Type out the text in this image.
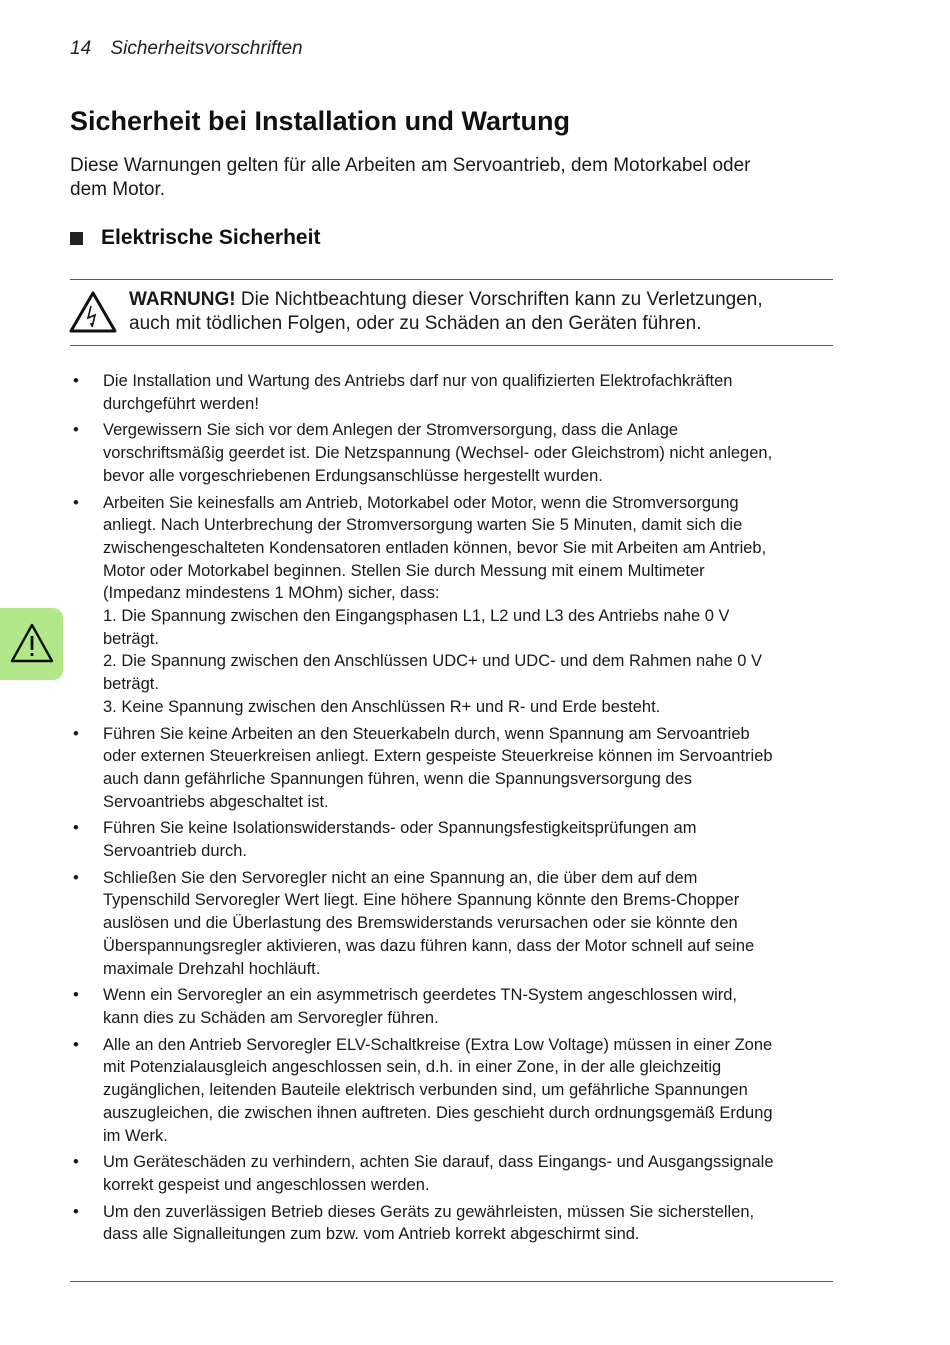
14 Sicherheitsvorschriften
Sicherheit bei Installation und Wartung

Diese Warnungen gelten für alle Arbeiten am Servoantrieb, dem Motorkabel oder
dem Motor.

Elektrische Sicherheit

WARNUNG! Die Nichtbeachtung dieser Vorschriften kann zu Verletzungen,
auch mit tödlichen Folgen, oder zu Schäden an den Geräten führen.

• Die Installation und Wartung des Antriebs darf nur von qualifizierten Elektrofachkräften
durchgeführt werden!
• Vergewissern Sie sich vor dem Anlegen der Stromversorgung, dass die Anlage
vorschriftsmäßig geerdet ist. Die Netzspannung (Wechsel- oder Gleichstrom) nicht anlegen,
bevor alle vorgeschriebenen Erdungsanschlüsse hergestellt wurden.
• Arbeiten Sie keinesfalls am Antrieb, Motorkabel oder Motor, wenn die Stromversorgung
anliegt. Nach Unterbrechung der Stromversorgung warten Sie 5 Minuten, damit sich die
zwischengeschalteten Kondensatoren entladen können, bevor Sie mit Arbeiten am Antrieb,
Motor oder Motorkabel beginnen. Stellen Sie durch Messung mit einem Multimeter
(Impedanz mindestens 1 MOhm) sicher, dass:
1. Die Spannung zwischen den Eingangsphasen L1, L2 und L3 des Antriebs nahe 0 V
beträgt.
2. Die Spannung zwischen den Anschlüssen UDC+ und UDC- und dem Rahmen nahe 0 V
beträgt.
3. Keine Spannung zwischen den Anschlüssen R+ und R- und Erde besteht.
• Führen Sie keine Arbeiten an den Steuerkabeln durch, wenn Spannung am Servoantrieb
oder externen Steuerkreisen anliegt. Extern gespeiste Steuerkreise können im Servoantrieb
auch dann gefährliche Spannungen führen, wenn die Spannungsversorgung des
Servoantriebs abgeschaltet ist.
• Führen Sie keine Isolationswiderstands- oder Spannungsfestigkeitsprüfungen am
Servoantrieb durch.
• Schließen Sie den Servoregler nicht an eine Spannung an, die über dem auf dem
Typenschild Servoregler Wert liegt. Eine höhere Spannung könnte den Brems-Chopper
auslösen und die Überlastung des Bremswiderstands verursachen oder sie könnte den
Überspannungsregler aktivieren, was dazu führen kann, dass der Motor schnell auf seine
maximale Drehzahl hochläuft.
• Wenn ein Servoregler an ein asymmetrisch geerdetes TN-System angeschlossen wird,
kann dies zu Schäden am Servoregler führen.
• Alle an den Antrieb Servoregler ELV-Schaltkreise (Extra Low Voltage) müssen in einer Zone
mit Potenzialausgleich angeschlossen sein, d.h. in einer Zone, in der alle gleichzeitig
zugänglichen, leitenden Bauteile elektrisch verbunden sind, um gefährliche Spannungen
auszugleichen, die zwischen ihnen auftreten. Dies geschieht durch ordnungsgemäß Erdung
im Werk.
• Um Geräteschäden zu verhindern, achten Sie darauf, dass Eingangs- und Ausgangssignale
korrekt gespeist und angeschlossen werden.
• Um den zuverlässigen Betrieb dieses Geräts zu gewährleisten, müssen Sie sicherstellen,
dass alle Signalleitungen zum bzw. vom Antrieb korrekt abgeschirmt sind.
